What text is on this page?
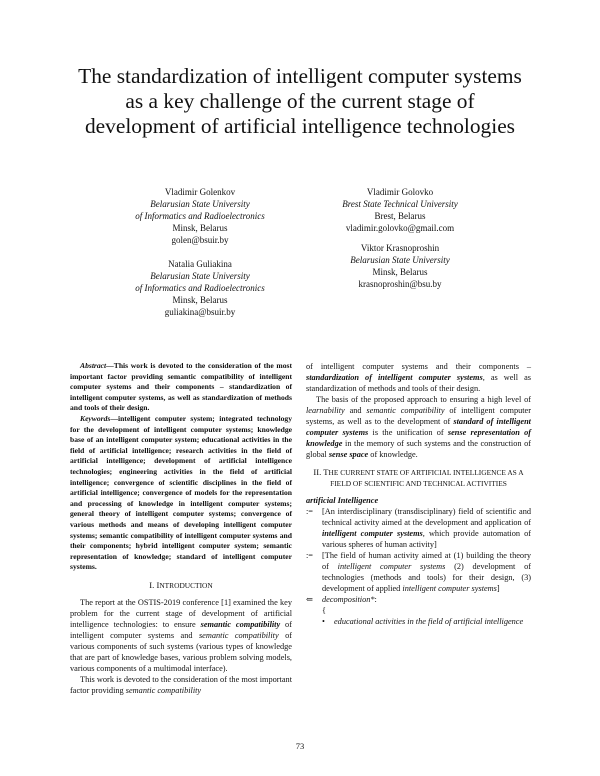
The standardization of intelligent computer systems as a key challenge of the current stage of development of artificial intelligence technologies
Vladimir Golenkov
Belarusian State University
of Informatics and Radioelectronics
Minsk, Belarus
golen@bsuir.by
Vladimir Golovko
Brest State Technical University
Brest, Belarus
vladimir.golovko@gmail.com
Natalia Guliakina
Belarusian State University
of Informatics and Radioelectronics
Minsk, Belarus
guliakina@bsuir.by
Viktor Krasnoproshin
Belarusian State University
Minsk, Belarus
krasnoproshin@bsu.by

Abstract—This work is devoted to the consideration of the most important factor providing semantic compatibility of intelligent computer systems and their components – standardization of intelligent computer systems, as well as standardization of methods and tools of their design.

Keywords—intelligent computer system; integrated technology for the development of intelligent computer systems; knowledge base of an intelligent computer system; educational activities in the field of artificial intelligence; research activities in the field of artificial intelligence; development of artificial intelligence technologies; engineering activities in the field of artificial intelligence; convergence of scientific disciplines in the field of artificial intelligence; convergence of models for the representation and processing of knowledge in intelligent computer systems; general theory of intelligent computer systems; convergence of various methods and means of developing intelligent computer systems; semantic compatibility of intelligent computer systems and their components; hybrid intelligent computer system; semantic representation of knowledge; standard of intelligent computer systems.

I. INTRODUCTION

The report at the OSTIS-2019 conference [1] examined the key problem for the current stage of development of artificial intelligence technologies: to ensure semantic compatibility of intelligent computer systems and semantic compatibility of various components of such systems (various types of knowledge that are part of knowledge bases, various problem solving models, various components of a multimodal interface).

This work is devoted to the consideration of the most important factor providing semantic compatibility

of intelligent computer systems and their components – standardization of intelligent computer systems, as well as standardization of methods and tools of their design.

The basis of the proposed approach to ensuring a high level of learnability and semantic compatibility of intelligent computer systems, as well as to the development of standard of intelligent computer systems is the unification of sense representation of knowledge in the memory of such systems and the construction of global sense space of knowledge.

II. THE CURRENT STATE OF ARTIFICIAL INTELLIGENCE AS A FIELD OF SCIENTIFIC AND TECHNICAL ACTIVITIES
artificial Intelligence

:= [An interdisciplinary (transdisciplinary) field of scientific and technical activity aimed at the development and application of intelligent computer systems, which provide automation of various spheres of human activity]

:= [The field of human activity aimed at (1) building the theory of intelligent computer systems (2) development of technologies (methods and tools) for their design, (3) development of applied intelligent computer systems]

⇐ decomposition*:

{
• educational activities in the field of artificial intelligence
73
